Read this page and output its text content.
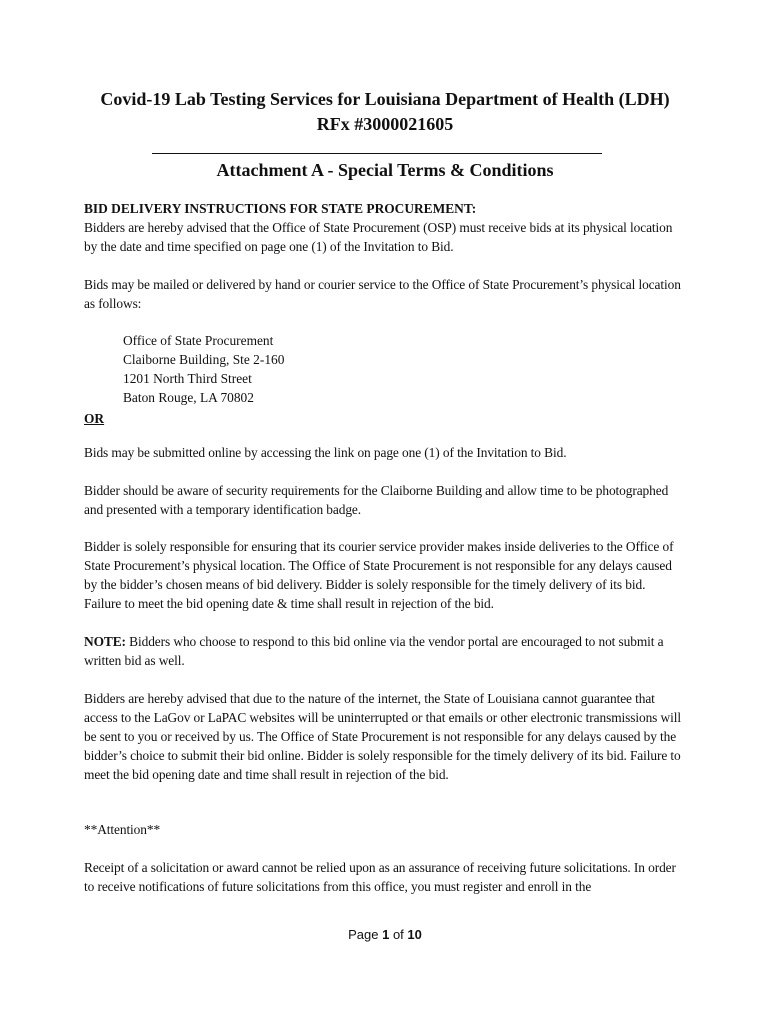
Covid-19 Lab Testing Services for Louisiana Department of Health (LDH)
RFx #3000021605
Attachment A - Special Terms & Conditions
BID DELIVERY INSTRUCTIONS FOR STATE PROCUREMENT:
Bidders are hereby advised that the Office of State Procurement (OSP) must receive bids at its physical location by the date and time specified on page one (1) of the Invitation to Bid.
Bids may be mailed or delivered by hand or courier service to the Office of State Procurement’s physical location as follows:
Office of State Procurement
Claiborne Building, Ste 2-160
1201 North Third Street
Baton Rouge, LA 70802
OR
Bids may be submitted online by accessing the link on page one (1) of the Invitation to Bid.
Bidder should be aware of security requirements for the Claiborne Building and allow time to be photographed and presented with a temporary identification badge.
Bidder is solely responsible for ensuring that its courier service provider makes inside deliveries to the Office of State Procurement’s physical location. The Office of State Procurement is not responsible for any delays caused by the bidder’s chosen means of bid delivery. Bidder is solely responsible for the timely delivery of its bid. Failure to meet the bid opening date & time shall result in rejection of the bid.
NOTE: Bidders who choose to respond to this bid online via the vendor portal are encouraged to not submit a written bid as well.
Bidders are hereby advised that due to the nature of the internet, the State of Louisiana cannot guarantee that access to the LaGov or LaPAC websites will be uninterrupted or that emails or other electronic transmissions will be sent to you or received by us. The Office of State Procurement is not responsible for any delays caused by the bidder’s choice to submit their bid online. Bidder is solely responsible for the timely delivery of its bid. Failure to meet the bid opening date and time shall result in rejection of the bid.
**Attention**
Receipt of a solicitation or award cannot be relied upon as an assurance of receiving future solicitations. In order to receive notifications of future solicitations from this office, you must register and enroll in the
Page 1 of 10
